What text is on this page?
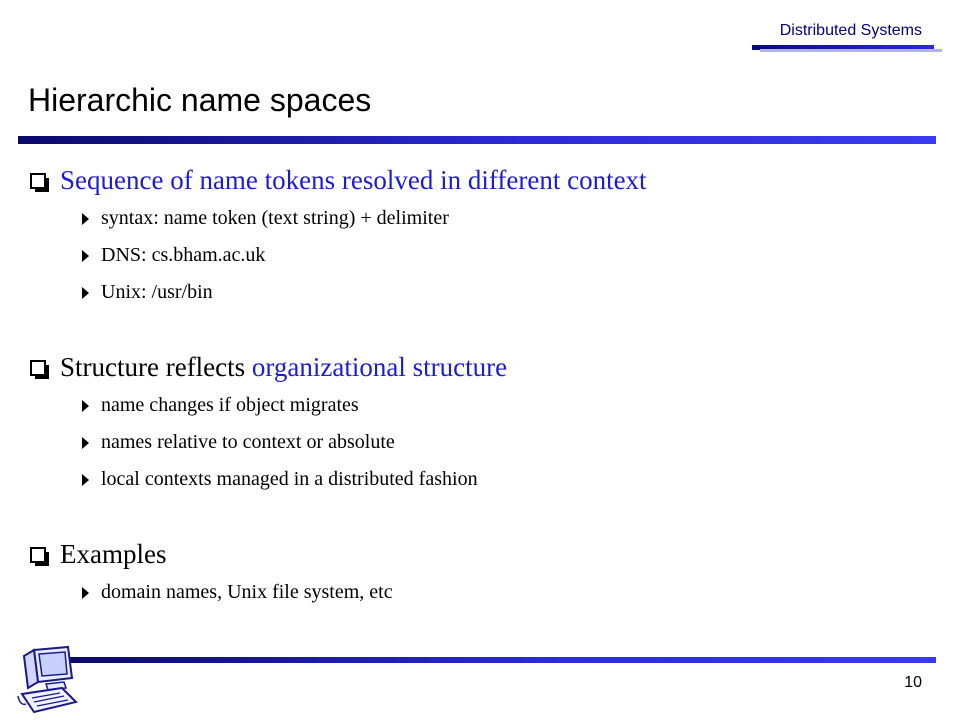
Distributed Systems
Hierarchic name spaces
Sequence of name tokens resolved in different context
syntax: name token (text string) + delimiter
DNS: cs.bham.ac.uk
Unix: /usr/bin
Structure reflects organizational structure
name changes if object migrates
names relative to context or absolute
local contexts managed in a distributed fashion
Examples
domain names, Unix file system, etc
10
